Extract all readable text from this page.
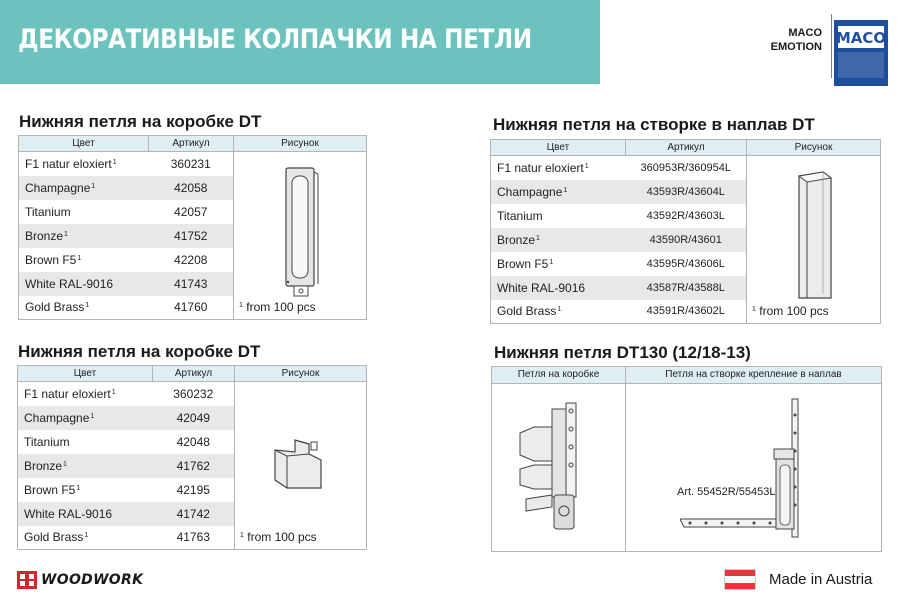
ДЕКОРАТИВНЫЕ КОЛПАЧКИ НА ПЕТЛИ	MACO
EMOTION MACO
Нижняя петля на коробке DT
Цвет	Артикул	Рисунок
F1 natur eloxiert$^1$	360231	$^1$ from 100 pcs
Champagne$^1$	42058	
Titanium	42057	
Bronze$^1$	41752	
Brown $F5^1$	42208	
White RAL-9016	41743	
Gold Brass$^1$	41760	
Нижняя петля на створке в наплав DT
Цвет	Артикул	Рисунок
F1 natur eloxiert$^1$	360953R/360954L	$^1$ from 100 pcs
Champagne$^1$	43593R/43604L	
Titanium	43592R/43603L	
Bronze$^1$	43590R/43601	
Brown $F5^1$	43595R/43606L	
White RAL-9016	43587R/43588L	
Gold Brass$^1$	43591R/43602L	
Нижняя петля на коробке DT
Цвет	Артикул	Рисунок
F1 natur eloxiert$^1$	360232	$^1$ from 100 pcs
Champagne$^1$	42049	
Titanium	42048	
Bronze$^1$	41762	
Brown $F5^1$	42195	
White RAL-9016	41742	
Gold Brass$^1$	41763	
Нижняя петля DT130 (12/18-13)
Петля на коробке	Петля на створке крепление в наплав
Art. 55452R/55453L
WOODWORK	Made in Austria
